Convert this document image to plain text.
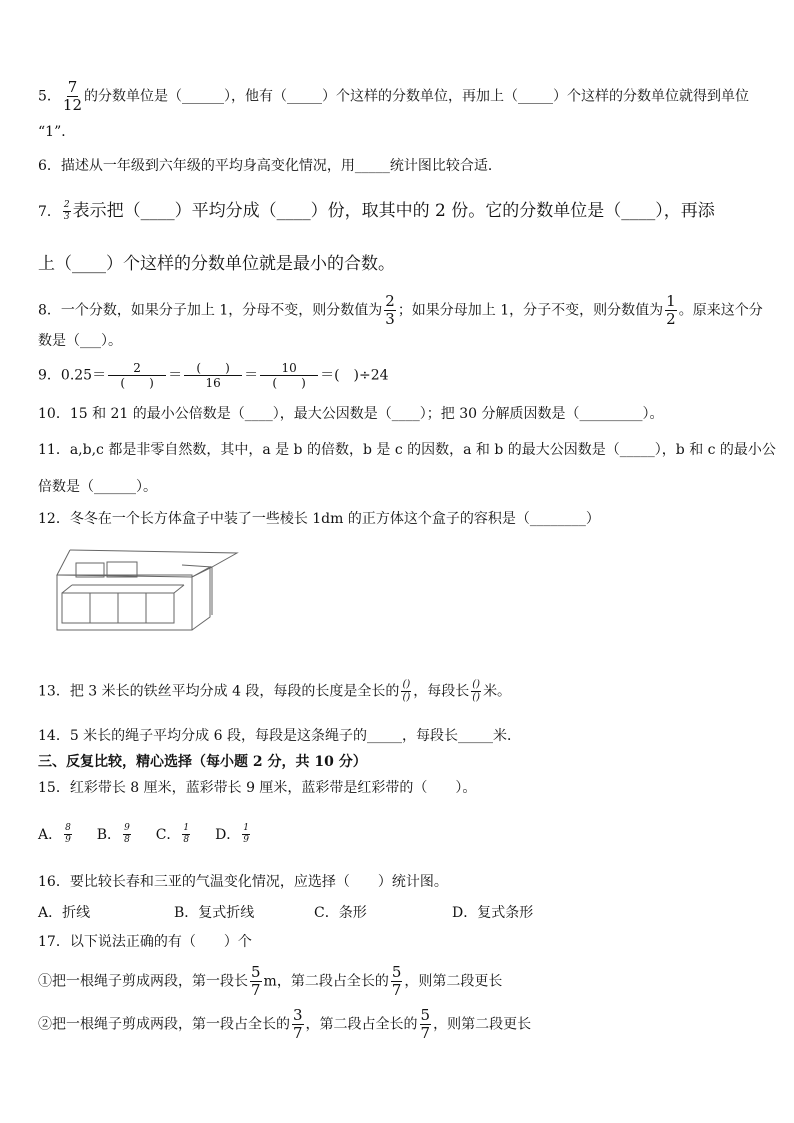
5． $\frac{7}{12}$ 的分数单位是（______），他有（_____）个这样的分数单位，再加上（_____）个这样的分数单位就得到单位
“1”．
6．描述从一年级到六年级的平均身高变化情况，用_____统计图比较合适．
7． $\frac{2}{3}$ 表示把（____）平均分成（____）份，取其中的 2 份。它的分数单位是（____），再添
上（____）个这样的分数单位就是最小的合数。
8．一个分数，如果分子加上 1，分母不变，则分数值为 $\frac{2}{3}$ ；如果分母加上 1，分子不变，则分数值为 $\frac{1}{2}$ 。原来这个分
数是（___）。
9．$0.25= \frac{2}{( )} = \frac{( )}{16} = \frac{10}{( )}$ ＝(　)÷24
10．15 和 21 的最小公倍数是（____），最大公因数是（____）；把 30 分解质因数是（_________）。
11．a,b,c 都是非零自然数，其中，a 是 b 的倍数，b 是 c 的因数，a 和 b 的最大公因数是（_____），b 和 c 的最小公
倍数是（______）。
12．冬冬在一个长方体盒子中装了一些棱长 1dm 的正方体这个盒子的容积是（________）
13．把 3 米长的铁丝平均分成 4 段，每段的长度是全长的 $\frac{()}{()}$ ，每段长 $\frac{()}{()}$ 米。
14．5 米长的绳子平均分成 6 段，每段是这条绳子的_____，每段长_____米．
三、反复比较，精心选择（每小题 2 分，共 10 分）
15．红彩带长 8 厘米，蓝彩带长 9 厘米，蓝彩带是红彩带的（　　）。
A． $\frac{8}{9}$ B． $\frac{9}{8}$ C． $\frac{1}{8}$ D． $\frac{1}{9}$
16．要比较长春和三亚的气温变化情况，应选择（　　）统计图。
A．折线	B．复式折线	C．条形	D．复式条形
17．以下说法正确的有（　　）个
①把一根绳子剪成两段，第一段长 $\frac{5}{7}$ m，第二段占全长的 $\frac{5}{7}$ ，则第二段更长
②把一根绳子剪成两段，第一段占全长的 $\frac{3}{7}$ ，第二段占全长的 $\frac{5}{7}$ ，则第二段更长
